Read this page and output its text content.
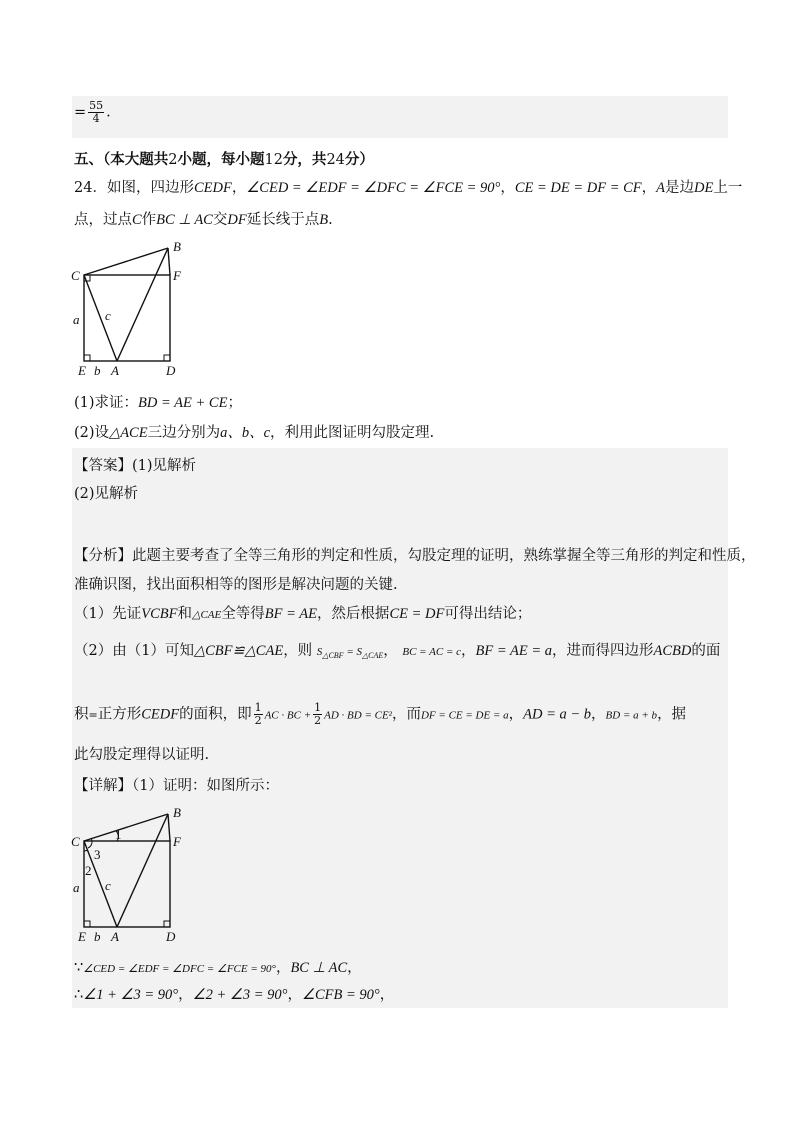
= $\frac{55}{4}$ .
五、（本大题共2小题，每小题12分，共24分）
24．如图，四边形CEDF，∠CED = ∠EDF = ∠DFC = ∠FCE = 90°，CE = DE = DF = CF，A是边DE上一
点，过点C作BC ⊥ AC交DF延长线于点B.
B
C	F
a c
E b A	D
(1)求证：BD = AE + CE；
(2)设△ACE三边分别为a、b、c，利用此图证明勾股定理.
【答案】(1)见解析
(2)见解析
【分析】此题主要考查了全等三角形的判定和性质，勾股定理的证明，熟练掌握全等三角形的判定和性质，
准确识图，找出面积相等的图形是解决问题的关键.
（1）先证VCBF和△CAE全等得BF = AE，然后根据CE = DF可得出结论；
（2）由（1）可知△CBF≌△CAE，则 $S_{\triangle CBF} = S_{\triangle CAE}$， BC = AC = c，BF = AE = a，进而得四边形ACBD的面
积=正方形CEDF的面积，即 $\frac{1}{2}$ AC · BC + $\frac{1}{2}$ AD · BD = CE²，而DF = CE = DE = a，AD = a − b，BD = a + b，据
此勾股定理得以证明.
【详解】（1）证明：如图所示：
B
C	F
1
3
2
a c
E b A	D
∵∠CED = ∠EDF = ∠DFC = ∠FCE = 90°，BC ⊥ AC，
∴∠1 + ∠3 = 90°，∠2 + ∠3 = 90°，∠CFB = 90°，
